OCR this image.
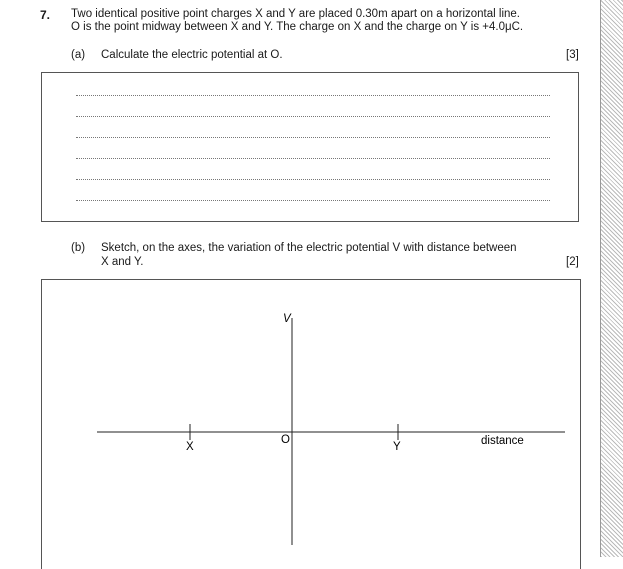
7. Two identical positive point charges X and Y are placed 0.30m apart on a horizontal line.
O is the point midway between X and Y. The charge on X and the charge on Y is +4.0μC.
(a) Calculate the electric potential at O.	[3]
(b) Sketch, on the axes, the variation of the electric potential V with distance between
X and Y.	[2]
V
O
X	Y	distance
